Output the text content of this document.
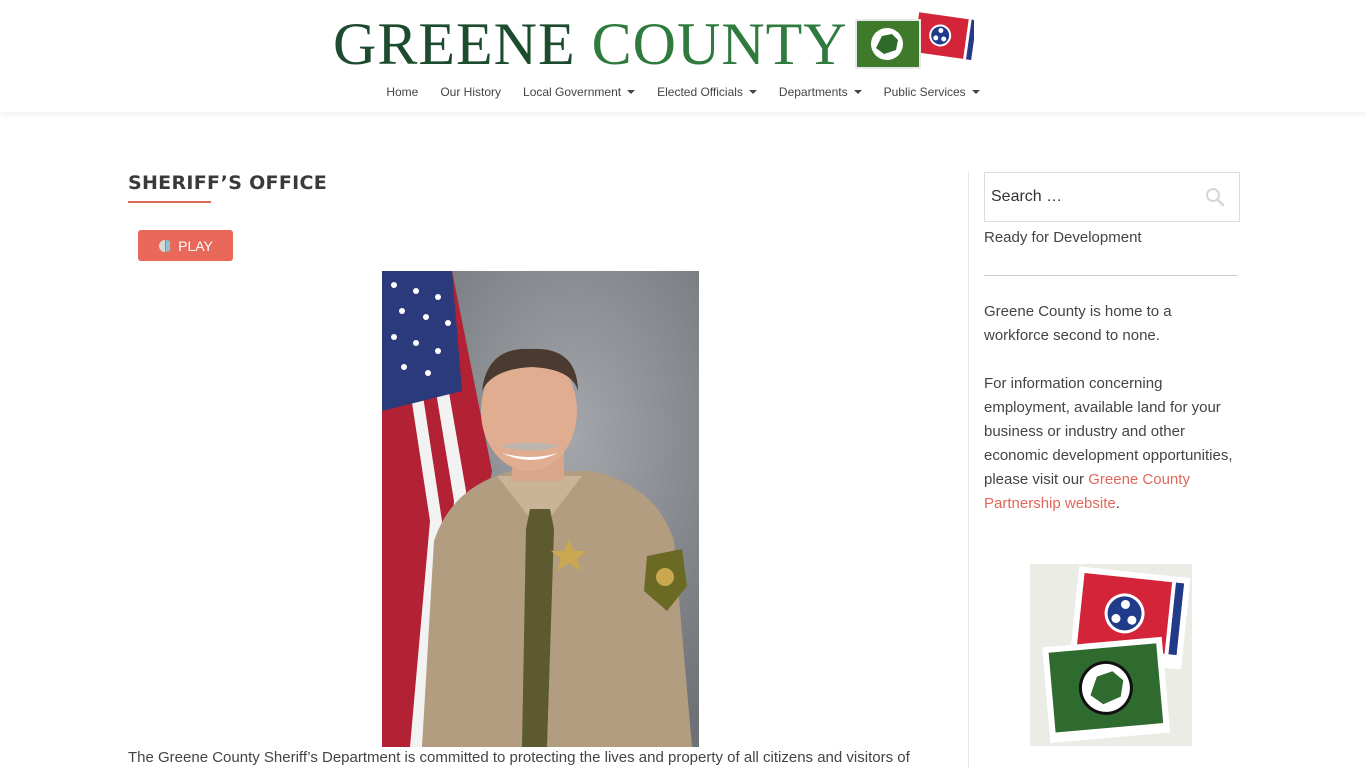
GREENE COUNTY
Home Our History Local Government	Elected Officials	Departments	Public Services
SHERIFF’S OFFICE
PLAY

The Greene County Sheriff’s Department is committed to protecting the lives and property of all citizens and visitors of

Search …
Ready for Development

Greene County is home to a workforce second to none.

For information concerning employment, available land for your business or industry and other economic development opportunities, please visit our Greene County Partnership website.
